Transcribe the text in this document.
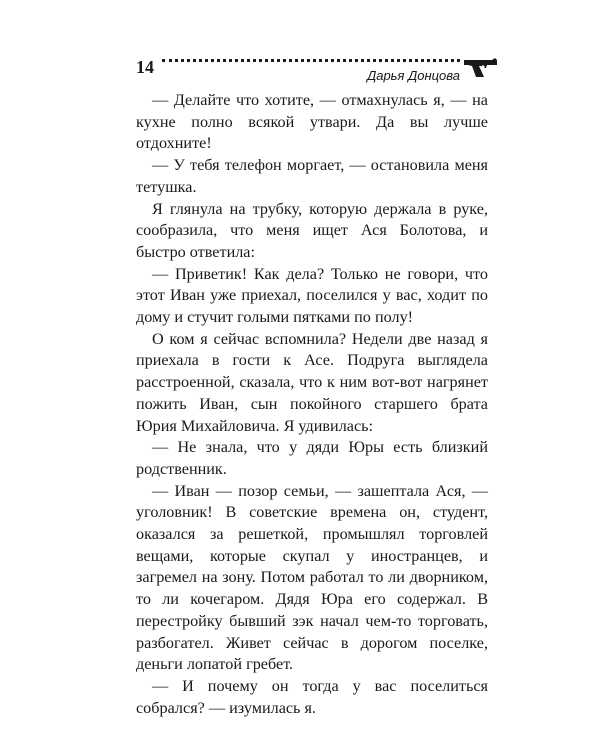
14	Дарья Донцова

— Делайте что хотите, — отмахнулась я, — на кухне полно всякой утвари. Да вы лучше отдохните!

— У тебя телефон моргает, — остановила меня тетушка.

Я глянула на трубку, которую держала в руке, сообразила, что меня ищет Ася Болотова, и быстро ответила:

— Приветик! Как дела? Только не говори, что этот Иван уже приехал, поселился у вас, ходит по дому и стучит голыми пятками по полу!

О ком я сейчас вспомнила? Недели две назад я приехала в гости к Асе. Подруга выглядела расстроенной, сказала, что к ним вот-вот нагрянет пожить Иван, сын покойного старшего брата Юрия Михайловича. Я удивилась:

— Не знала, что у дяди Юры есть близкий родственник.

— Иван — позор семьи, — зашептала Ася, — уголовник! В советские времена он, студент, оказался за решеткой, промышлял торговлей вещами, которые скупал у иностранцев, и загремел на зону. Потом работал то ли дворником, то ли кочегаром. Дядя Юра его содержал. В перестройку бывший зэк начал чем-то торговать, разбогател. Живет сейчас в дорогом поселке, деньги лопатой гребет.

— И почему он тогда у вас поселиться собрался? — изумилась я.
